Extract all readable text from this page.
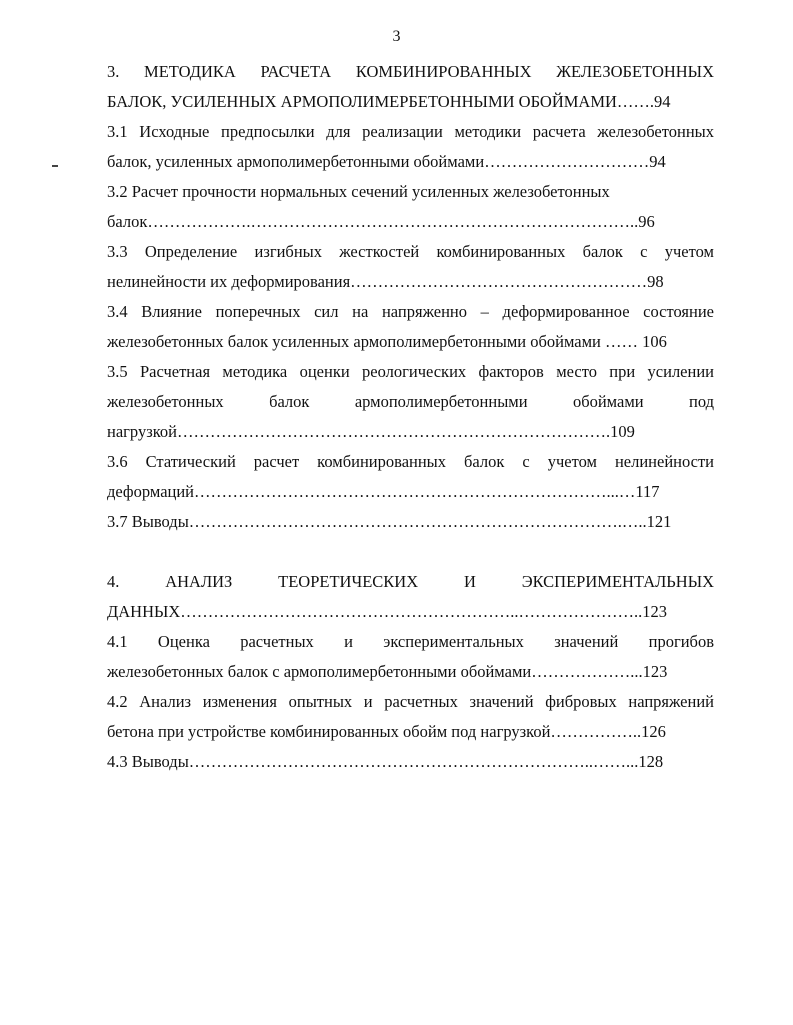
3
3. МЕТОДИКА РАСЧЕТА КОМБИНИРОВАННЫХ ЖЕЛЕЗОБЕТОННЫХ
БАЛОК, УСИЛЕННЫХ АРМОПОЛИМЕРБЕТОННЫМИ ОБОЙМАМИ…….94
3.1 Исходные предпосылки для реализации методики расчета железобетонных
балок, усиленных армополимербетонными обоймами…………………………94
3.2 Расчет прочности нормальных сечений усиленных железобетонных
балок……………….……………………………………………………………..96
3.3 Определение изгибных жесткостей комбинированных балок с учетом
нелинейности их деформирования………………………………………………98
3.4 Влияние поперечных сил на напряженно – деформированное состояние
железобетонных балок усиленных армополимербетонными обоймами …… 106
3.5 Расчетная методика оценки реологических факторов место при усилении
железобетонных балок армополимербетонными обоймами под
нагрузкой…………………………………………………………………….109
3.6 Статический расчет комбинированных балок с учетом нелинейности
деформаций…………………………………………………………………...…117
3.7 Выводы…………………………………………………………………….…..121
4. АНАЛИЗ ТЕОРЕТИЧЕСКИХ И ЭКСПЕРИМЕНТАЛЬНЫХ
ДАННЫХ……………………………………………………..…………………..123
4.1 Оценка расчетных и экспериментальных значений прогибов
железобетонных балок с армополимербетонными обоймами………………...123
4.2 Анализ изменения опытных и расчетных значений фибровых напряжений
бетона при устройстве комбинированных обойм под нагрузкой……………..126
4.3 Выводы………………………………………………………………..……...128
